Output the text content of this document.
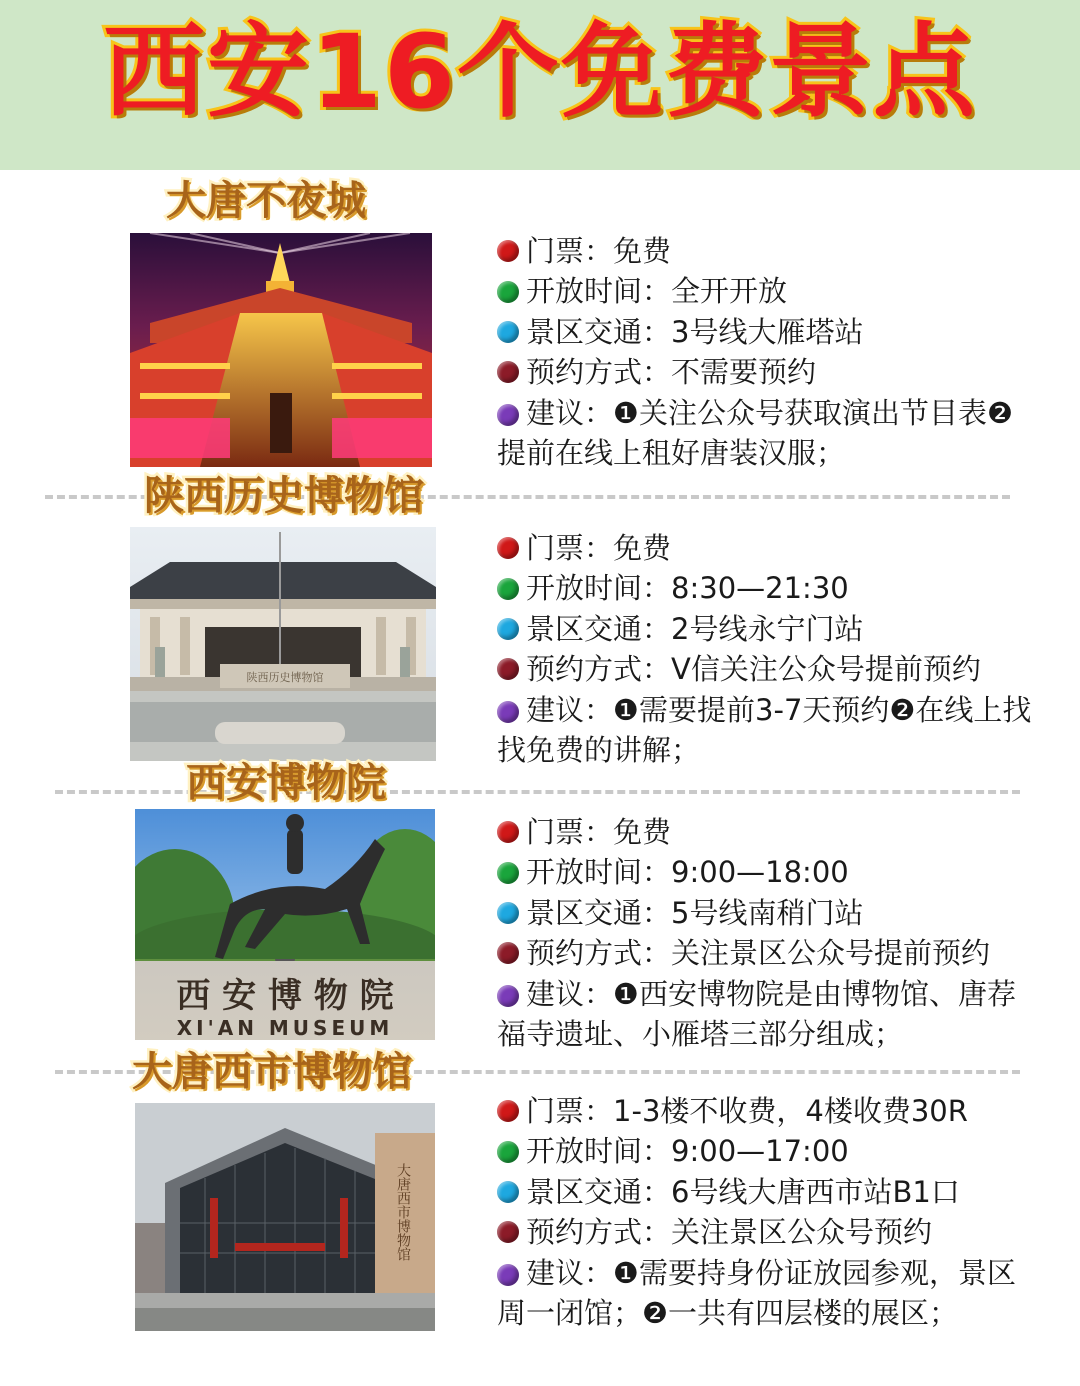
西安16个免费景点
大唐不夜城
门票 ： 免费
开放时间 ： 全开开放
景区交通 ： 3号线大雁塔站
预约方式 ： 不需要预约
建议：❶关注公众号获取演出节目表❷提前在线上租好唐装汉服；
陕西历史博物馆
陕西历史博物馆
门票 ： 免费
开放时间 ： 8:30—21:30
景区交通 ： 2号线永宁门站
预约方式 ： V信关注公众号提前预约
建议：❶需要提前3-7天预约❷在线上找找免费的讲解；
西安博物院
西 安 博 物 院
XI'AN MUSEUM
门票 ： 免费
开放时间 ： 9:00—18:00
景区交通 ： 5号线南稍门站
预约方式 ： 关注景区公众号提前预约
建议：❶西安博物院是由博物馆、唐荐福寺遗址、小雁塔三部分组成；
大唐西市博物馆
大唐西市博物馆
门票 ： 1-3楼不收费，4楼收费30R
开放时间 ： 9:00—17:00
景区交通 ： 6号线大唐西市站B1口
预约方式 ： 关注景区公众号预约
建议：❶需要持身份证放园参观，景区周一闭馆；❷一共有四层楼的展区；
